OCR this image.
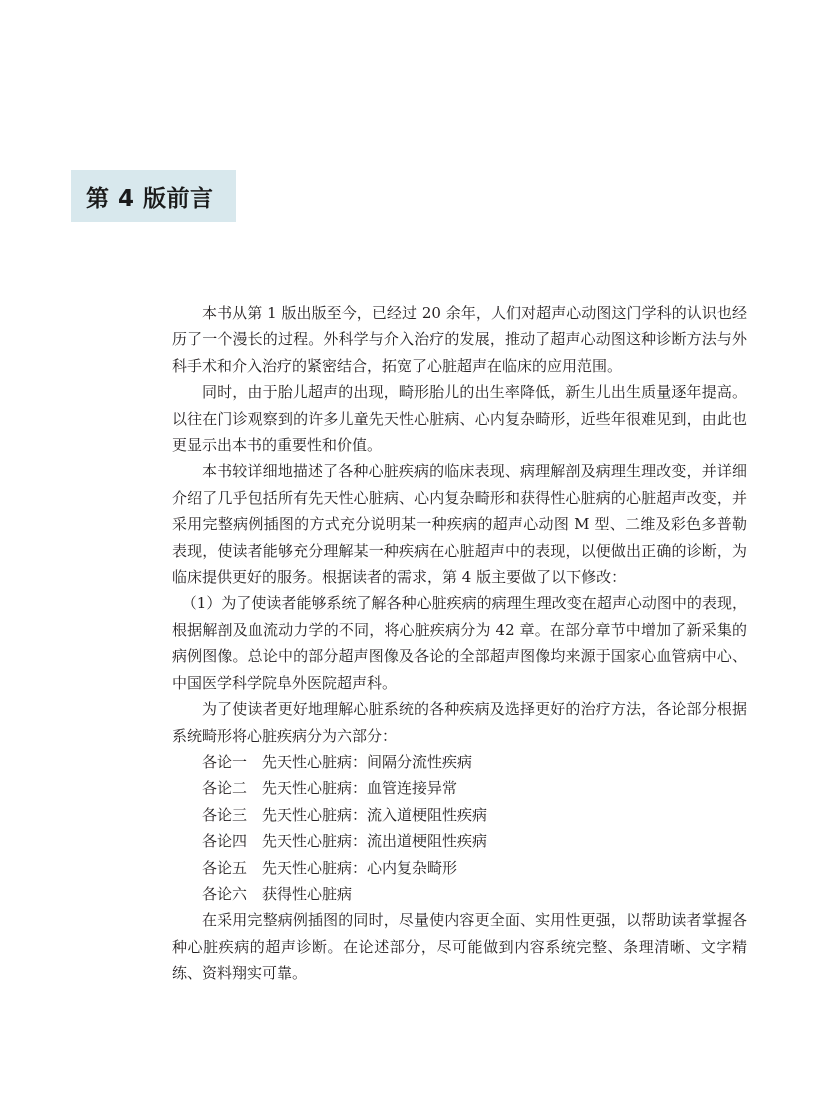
第 4 版前言

本书从第 1 版出版至今，已经过 20 余年，人们对超声心动图这门学科的认识也经历了一个漫长的过程。外科学与介入治疗的发展，推动了超声心动图这种诊断方法与外科手术和介入治疗的紧密结合，拓宽了心脏超声在临床的应用范围。

同时，由于胎儿超声的出现，畸形胎儿的出生率降低，新生儿出生质量逐年提高。以往在门诊观察到的许多儿童先天性心脏病、心内复杂畸形，近些年很难见到，由此也更显示出本书的重要性和价值。

本书较详细地描述了各种心脏疾病的临床表现、病理解剖及病理生理改变，并详细介绍了几乎包括所有先天性心脏病、心内复杂畸形和获得性心脏病的心脏超声改变，并采用完整病例插图的方式充分说明某一种疾病的超声心动图 M 型、二维及彩色多普勒表现，使读者能够充分理解某一种疾病在心脏超声中的表现，以便做出正确的诊断，为临床提供更好的服务。根据读者的需求，第 4 版主要做了以下修改：

（1）为了使读者能够系统了解各种心脏疾病的病理生理改变在超声心动图中的表现，根据解剖及血流动力学的不同，将心脏疾病分为 42 章。在部分章节中增加了新采集的病例图像。总论中的部分超声图像及各论的全部超声图像均来源于国家心血管病中心、中国医学科学院阜外医院超声科。

为了使读者更好地理解心脏系统的各种疾病及选择更好的治疗方法，各论部分根据系统畸形将心脏疾病分为六部分：

各论一　先天性心脏病：间隔分流性疾病

各论二　先天性心脏病：血管连接异常

各论三　先天性心脏病：流入道梗阻性疾病

各论四　先天性心脏病：流出道梗阻性疾病

各论五　先天性心脏病：心内复杂畸形

各论六　获得性心脏病

在采用完整病例插图的同时，尽量使内容更全面、实用性更强，以帮助读者掌握各种心脏疾病的超声诊断。在论述部分，尽可能做到内容系统完整、条理清晰、文字精练、资料翔实可靠。
